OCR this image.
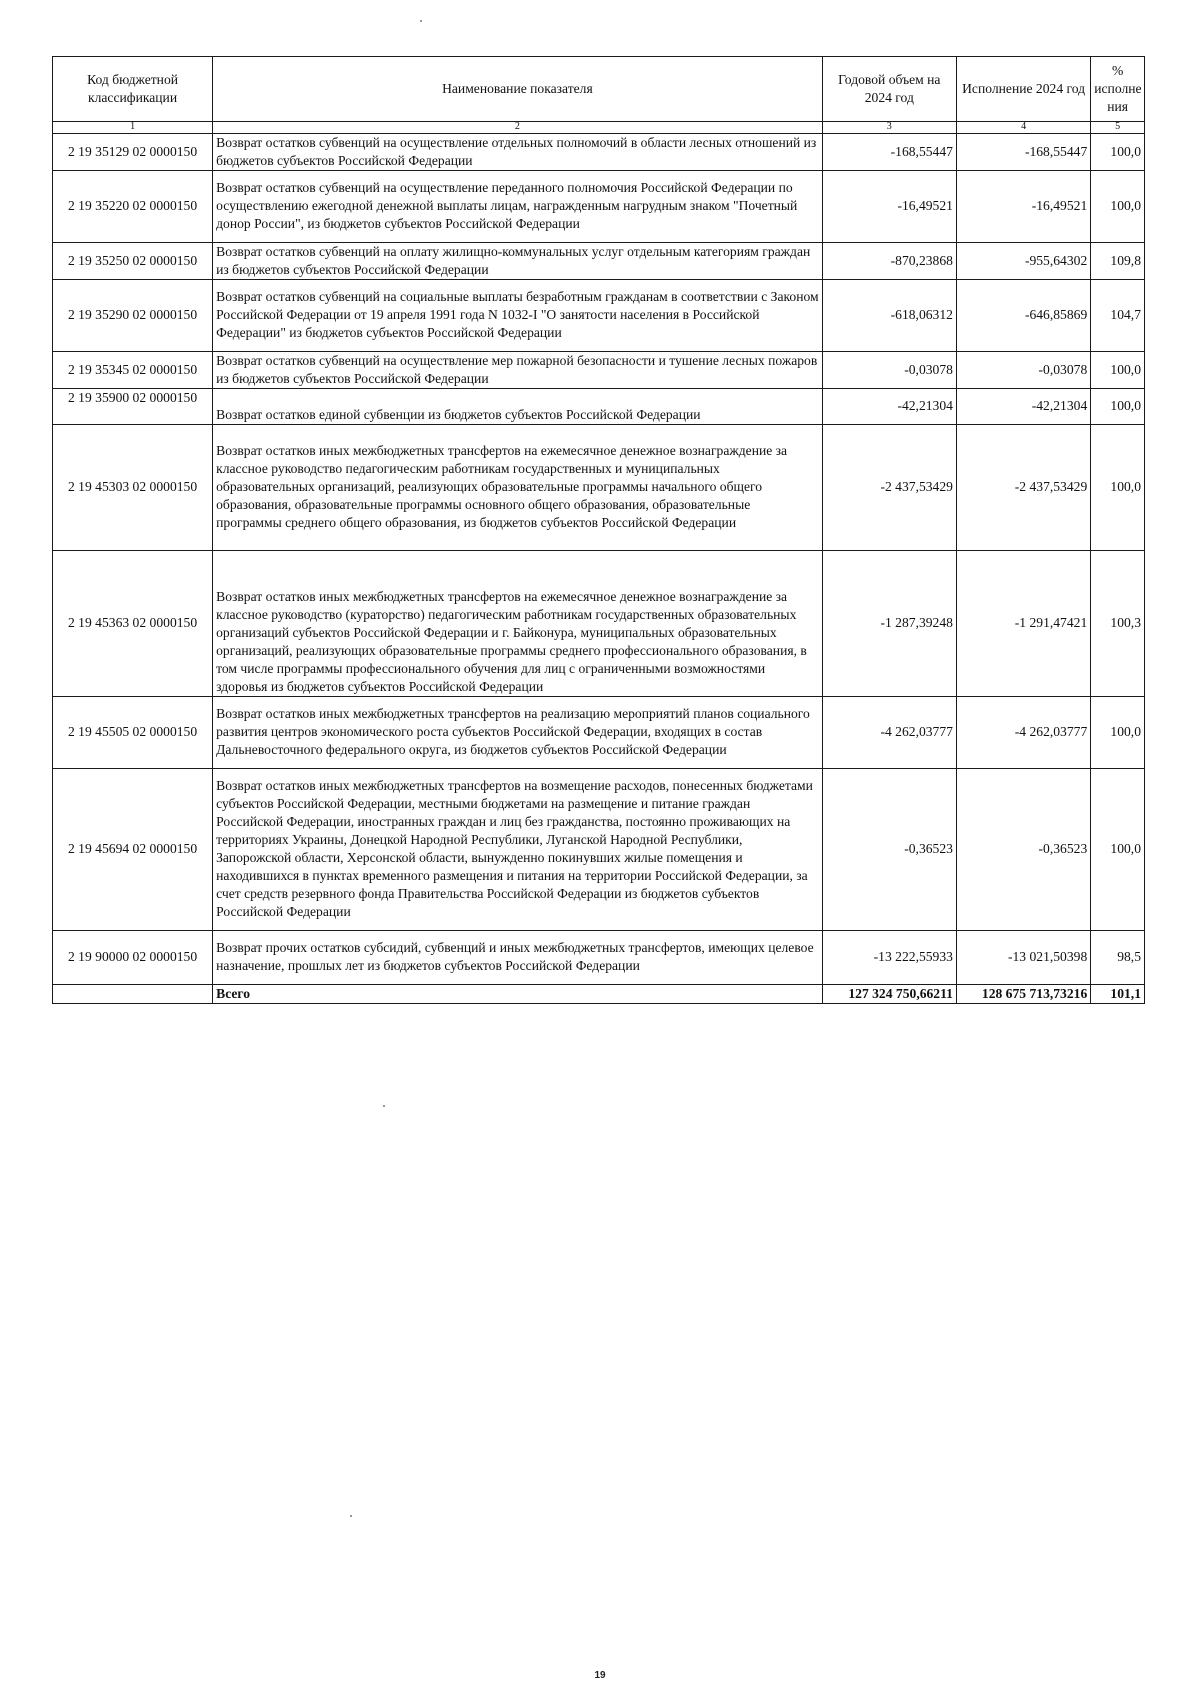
Код бюджетной классификации	Наименование показателя	Годовой объем на 2024 год	Исполнение 2024 год	% исполне ния
1	2	3	4	5
2 19 35129 02 0000150	Возврат остатков субвенций на осуществление отдельных полномочий в области лесных отношений из бюджетов субъектов Российской Федерации	-168,55447	-168,55447	100,0
2 19 35220 02 0000150	Возврат остатков субвенций на осуществление переданного полномочия Российской Федерации по осуществлению ежегодной денежной выплаты лицам, награжденным нагрудным знаком "Почетный донор России", из бюджетов субъектов Российской Федерации	-16,49521	-16,49521	100,0
2 19 35250 02 0000150	Возврат остатков субвенций на оплату жилищно-коммунальных услуг отдельным категориям граждан из бюджетов субъектов Российской Федерации	-870,23868	-955,64302	109,8
2 19 35290 02 0000150	Возврат остатков субвенций на социальные выплаты безработным гражданам в соответствии с Законом Российской Федерации от 19 апреля 1991 года N 1032-I "О занятости населения в Российской Федерации" из бюджетов субъектов Российской Федерации	-618,06312	-646,85869	104,7
2 19 35345 02 0000150	Возврат остатков субвенций на осуществление мер пожарной безопасности и тушение лесных пожаров из бюджетов субъектов Российской Федерации	-0,03078	-0,03078	100,0
2 19 35900 02 0000150	Возврат остатков единой субвенции из бюджетов субъектов Российской Федерации	-42,21304	-42,21304	100,0
2 19 45303 02 0000150	Возврат остатков иных межбюджетных трансфертов на ежемесячное денежное вознаграждение за классное руководство педагогическим работникам государственных и муниципальных образовательных организаций, реализующих образовательные программы начального общего образования, образовательные программы основного общего образования, образовательные программы среднего общего образования, из бюджетов субъектов Российской Федерации	-2 437,53429	-2 437,53429	100,0
2 19 45363 02 0000150	Возврат остатков иных межбюджетных трансфертов на ежемесячное денежное вознаграждение за классное руководство (кураторство) педагогическим работникам государственных образовательных организаций субъектов Российской Федерации и г. Байконура, муниципальных образовательных организаций, реализующих образовательные программы среднего профессионального образования, в том числе программы профессионального обучения для лиц с ограниченными возможностями здоровья из бюджетов субъектов Российской Федерации	-1 287,39248	-1 291,47421	100,3
2 19 45505 02 0000150	Возврат остатков иных межбюджетных трансфертов на реализацию мероприятий планов социального развития центров экономического роста субъектов Российской Федерации, входящих в состав Дальневосточного федерального округа, из бюджетов субъектов Российской Федерации	-4 262,03777	-4 262,03777	100,0
2 19 45694 02 0000150	Возврат остатков иных межбюджетных трансфертов на возмещение расходов, понесенных бюджетами субъектов Российской Федерации, местными бюджетами на размещение и питание граждан Российской Федерации, иностранных граждан и лиц без гражданства, постоянно проживающих на территориях Украины, Донецкой Народной Республики, Луганской Народной Республики, Запорожской области, Херсонской области, вынужденно покинувших жилые помещения и находившихся в пунктах временного размещения и питания на территории Российской Федерации, за счет средств резервного фонда Правительства Российской Федерации из бюджетов субъектов Российской Федерации	-0,36523	-0,36523	100,0
2 19 90000 02 0000150	Возврат прочих остатков субсидий, субвенций и иных межбюджетных трансфертов, имеющих целевое назначение, прошлых лет из бюджетов субъектов Российской Федерации	-13 222,55933	-13 021,50398	98,5
	Всего	127 324 750,66211	128 675 713,73216	101,1
19
